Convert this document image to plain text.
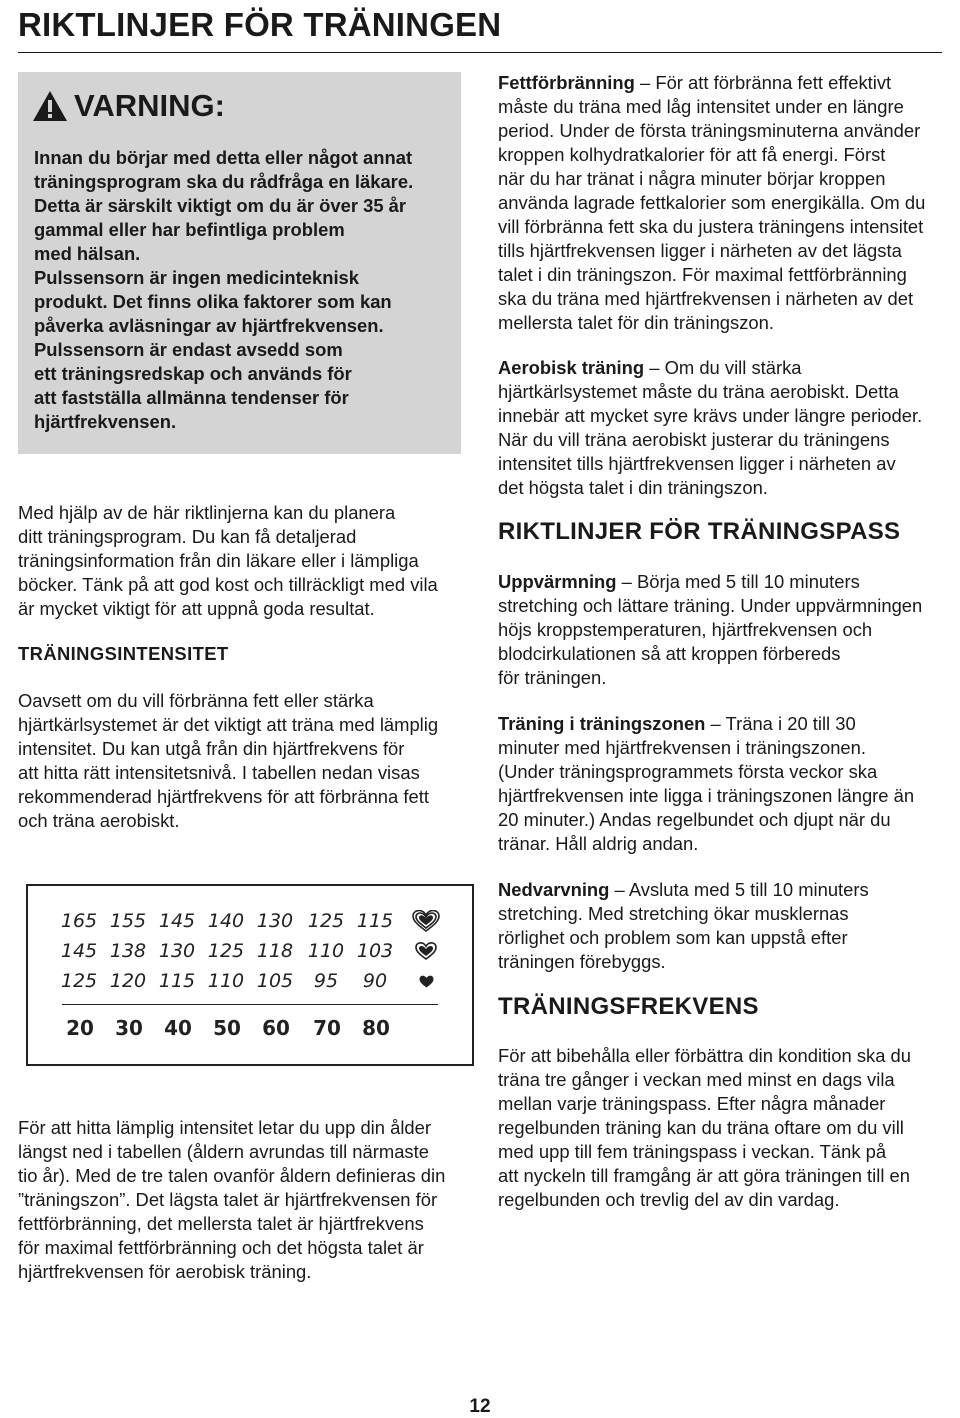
RIKTLINJER FÖR TRÄNINGEN
VARNING:

Innan du börjar med detta eller något annat

träningsprogram ska du rådfråga en läkare.

Detta är särskilt viktigt om du är över 35 år

gammal eller har befintliga problem

med hälsan.

Pulssensorn är ingen medicinteknisk

produkt. Det finns olika faktorer som kan

påverka avläsningar av hjärtfrekvensen.

Pulssensorn är endast avsedd som

ett träningsredskap och används för

att fastställa allmänna tendenser för

hjärtfrekvensen.

Med hjälp av de här riktlinjerna kan du planera

ditt träningsprogram. Du kan få detaljerad

träningsinformation från din läkare eller i lämpliga

böcker. Tänk på att god kost och tillräckligt med vila

är mycket viktigt för att uppnå goda resultat.

TRÄNINGSINTENSITET

Oavsett om du vill förbränna fett eller stärka

hjärtkärlsystemet är det viktigt att träna med lämplig

intensitet. Du kan utgå från din hjärtfrekvens för

att hitta rätt intensitetsnivå. I tabellen nedan visas

rekommenderad hjärtfrekvens för att förbränna fett

och träna aerobiskt.

165 155 145 140 130 125 115
145 138 130 125 118 110 103
125 120 115 110 105	95	90
20	30	40	50	60	70	80

För att hitta lämplig intensitet letar du upp din ålder

längst ned i tabellen (åldern avrundas till närmaste

tio år). Med de tre talen ovanför åldern definieras din

”träningszon”. Det lägsta talet är hjärtfrekvensen för

fettförbränning, det mellersta talet är hjärtfrekvens

för maximal fettförbränning och det högsta talet är

hjärtfrekvensen för aerobisk träning.

Fettförbränning – För att förbränna fett effektivt

måste du träna med låg intensitet under en längre

period. Under de första träningsminuterna använder

kroppen kolhydratkalorier för att få energi. Först

när du har tränat i några minuter börjar kroppen

använda lagrade fettkalorier som energikälla. Om du

vill förbränna fett ska du justera träningens intensitet

tills hjärtfrekvensen ligger i närheten av det lägsta

talet i din träningszon. För maximal fettförbränning

ska du träna med hjärtfrekvensen i närheten av det

mellersta talet för din träningszon.

Aerobisk träning – Om du vill stärka

hjärtkärlsystemet måste du träna aerobiskt. Detta

innebär att mycket syre krävs under längre perioder.

När du vill träna aerobiskt justerar du träningens

intensitet tills hjärtfrekvensen ligger i närheten av

det högsta talet i din träningszon.

RIKTLINJER FÖR TRÄNINGSPASS

Uppvärmning – Börja med 5 till 10 minuters

stretching och lättare träning. Under uppvärmningen

höjs kroppstemperaturen, hjärtfrekvensen och

blodcirkulationen så att kroppen förbereds

för träningen.

Träning i träningszonen – Träna i 20 till 30

minuter med hjärtfrekvensen i träningszonen.

(Under träningsprogrammets första veckor ska

hjärtfrekvensen inte ligga i träningszonen längre än

20 minuter.) Andas regelbundet och djupt när du

tränar. Håll aldrig andan.

Nedvarvning – Avsluta med 5 till 10 minuters

stretching. Med stretching ökar musklernas

rörlighet och problem som kan uppstå efter

träningen förebyggs.

TRÄNINGSFREKVENS

För att bibehålla eller förbättra din kondition ska du

träna tre gånger i veckan med minst en dags vila

mellan varje träningspass. Efter några månader

regelbunden träning kan du träna oftare om du vill

med upp till fem träningspass i veckan. Tänk på

att nyckeln till framgång är att göra träningen till en

regelbunden och trevlig del av din vardag.

12
